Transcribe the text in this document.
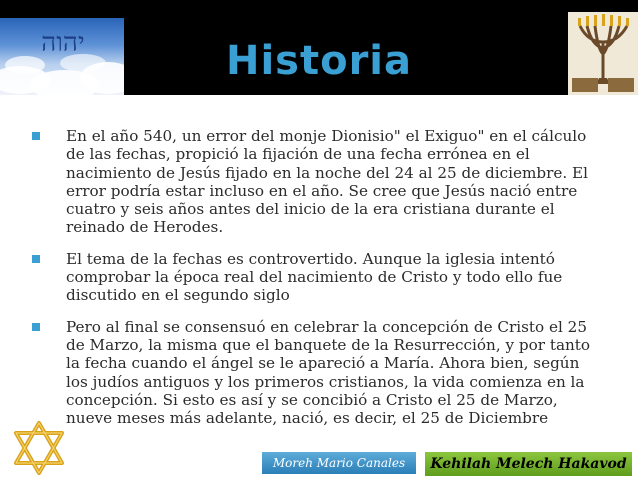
יהוה	Historia
En el año 540, un error del monje Dionisio" el Exiguo" en el cálculo de las fechas, propició la fijación de una fecha errónea en el nacimiento de Jesús fijado en la noche del 24 al 25 de diciembre. El error podría estar incluso en el año. Se cree que Jesús nació entre cuatro y seis años antes del inicio de la era cristiana durante el reinado de Herodes.
El tema de la fechas es controvertido. Aunque la iglesia intentó comprobar la época real del nacimiento de Cristo y todo ello fue discutido en el segundo siglo
Pero al final se consensuó en celebrar la concepción de Cristo el 25 de Marzo, la misma que el banquete de la Resurrección, y por tanto la fecha cuando el ángel se le apareció a María. Ahora bien, según los judíos antiguos y los primeros cristianos, la vida comienza en la concepción. Si esto es así y se concibió a Cristo el 25 de Marzo, nueve meses más adelante, nació, es decir, el 25 de Diciembre
Moreh Mario Canales	Kehilah Melech Hakavod
